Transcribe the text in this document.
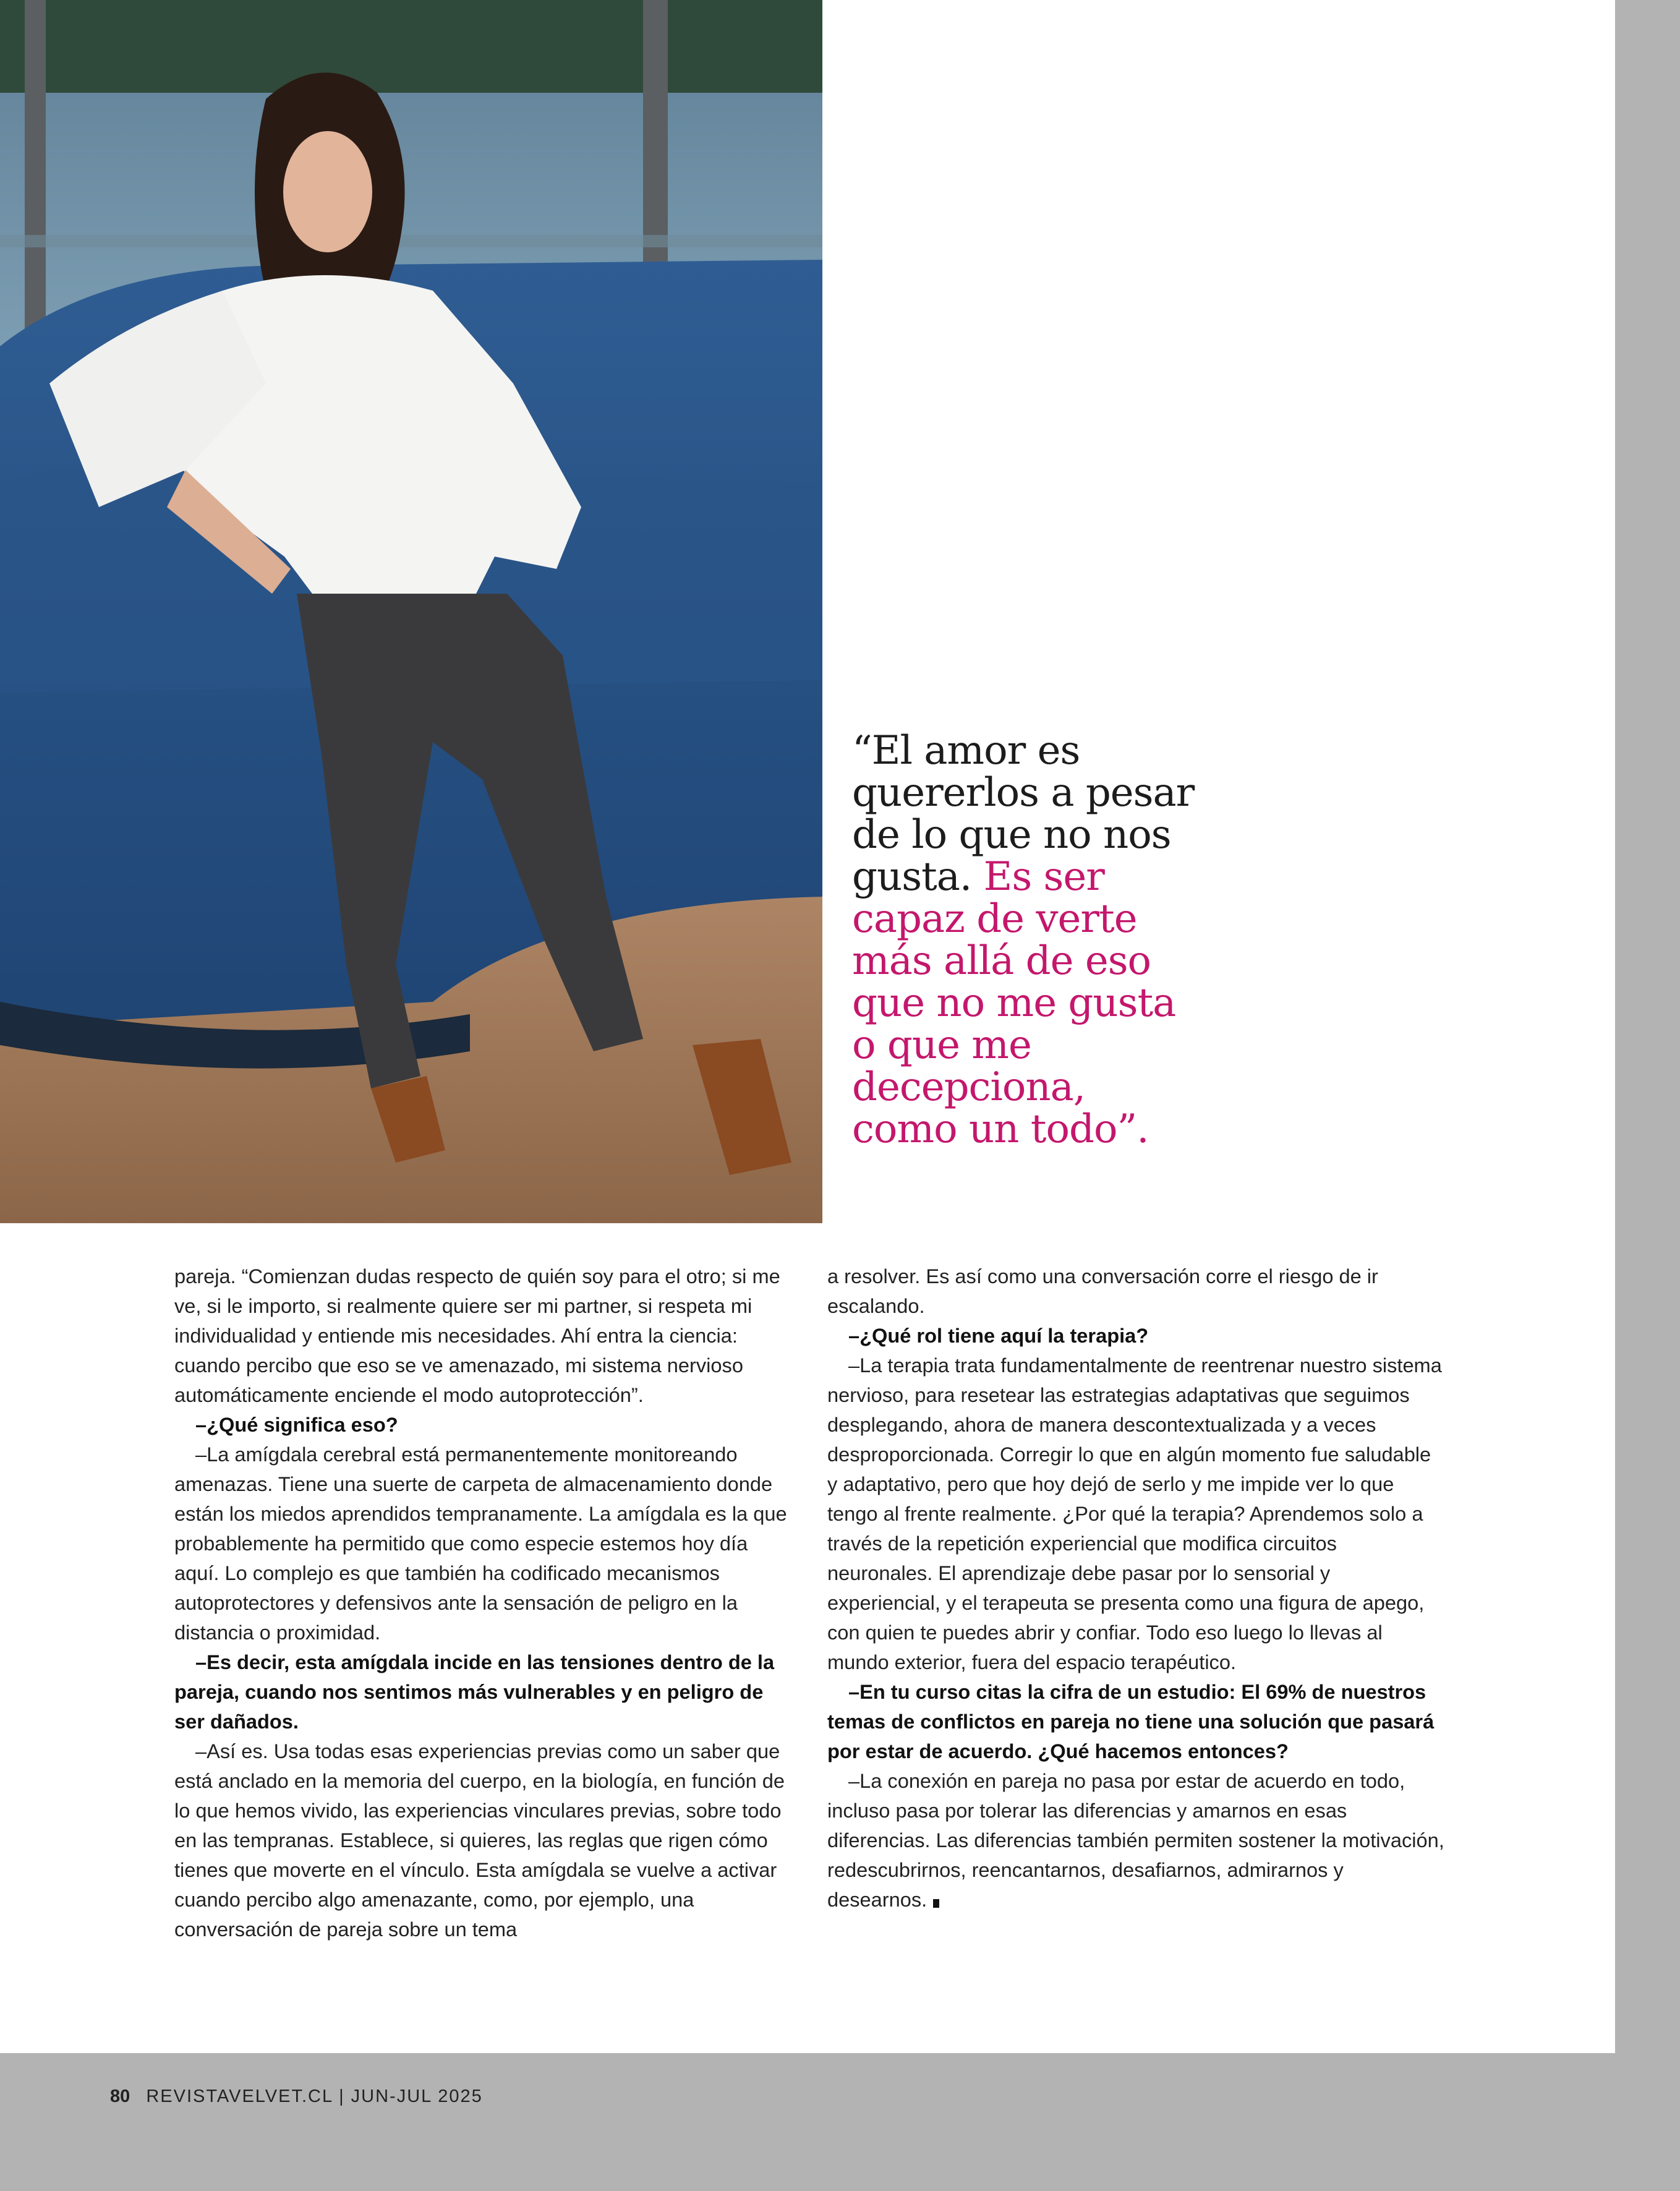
“El amor es quererlos a pesar de lo que no nos gusta. Es ser capaz de verte más allá de eso que no me gusta o que me decepciona, como un todo”.

pareja. “Comienzan dudas respecto de quién soy para el otro; si me ve, si le importo, si realmente quiere ser mi partner, si respeta mi individualidad y entiende mis necesidades. Ahí entra la ciencia: cuando percibo que eso se ve amenazado, mi sistema nervioso automáticamente enciende el modo autoprotección”.

–¿Qué significa eso?

–La amígdala cerebral está permanentemente monitoreando amenazas. Tiene una suerte de carpeta de almacenamiento donde están los miedos aprendidos tempranamente. La amígdala es la que probablemente ha permitido que como especie estemos hoy día aquí. Lo complejo es que también ha codificado mecanismos autoprotectores y defensivos ante la sensación de peligro en la distancia o proximidad.

–Es decir, esta amígdala incide en las tensiones dentro de la pareja, cuando nos sentimos más vulnerables y en peligro de ser dañados.

–Así es. Usa todas esas experiencias previas como un saber que está anclado en la memoria del cuerpo, en la biología, en función de lo que hemos vivido, las experiencias vinculares previas, sobre todo en las tempranas. Establece, si quieres, las reglas que rigen cómo tienes que moverte en el vínculo. Esta amígdala se vuelve a activar cuando percibo algo amenazante, como, por ejemplo, una conversación de pareja sobre un tema

a resolver. Es así como una conversación corre el riesgo de ir escalando.

–¿Qué rol tiene aquí la terapia?

–La terapia trata fundamentalmente de reentrenar nuestro sistema nervioso, para resetear las estrategias adaptativas que seguimos desplegando, ahora de manera descontextualizada y a veces desproporcionada. Corregir lo que en algún momento fue saludable y adaptativo, pero que hoy dejó de serlo y me impide ver lo que tengo al frente realmente. ¿Por qué la terapia? Aprendemos solo a través de la repetición experiencial que modifica circuitos neuronales. El aprendizaje debe pasar por lo sensorial y experiencial, y el terapeuta se presenta como una figura de apego, con quien te puedes abrir y confiar. Todo eso luego lo llevas al mundo exterior, fuera del espacio terapéutico.

–En tu curso citas la cifra de un estudio: El 69% de nuestros temas de conflictos en pareja no tiene una solución que pasará por estar de acuerdo. ¿Qué hacemos entonces?

–La conexión en pareja no pasa por estar de acuerdo en todo, incluso pasa por tolerar las diferencias y amarnos en esas diferencias. Las diferencias también permiten sostener la motivación, redescubrirnos, reencantarnos, desafiarnos, admirarnos y desearnos.

80 REVISTAVELVET.CL | JUN-JUL 2025
